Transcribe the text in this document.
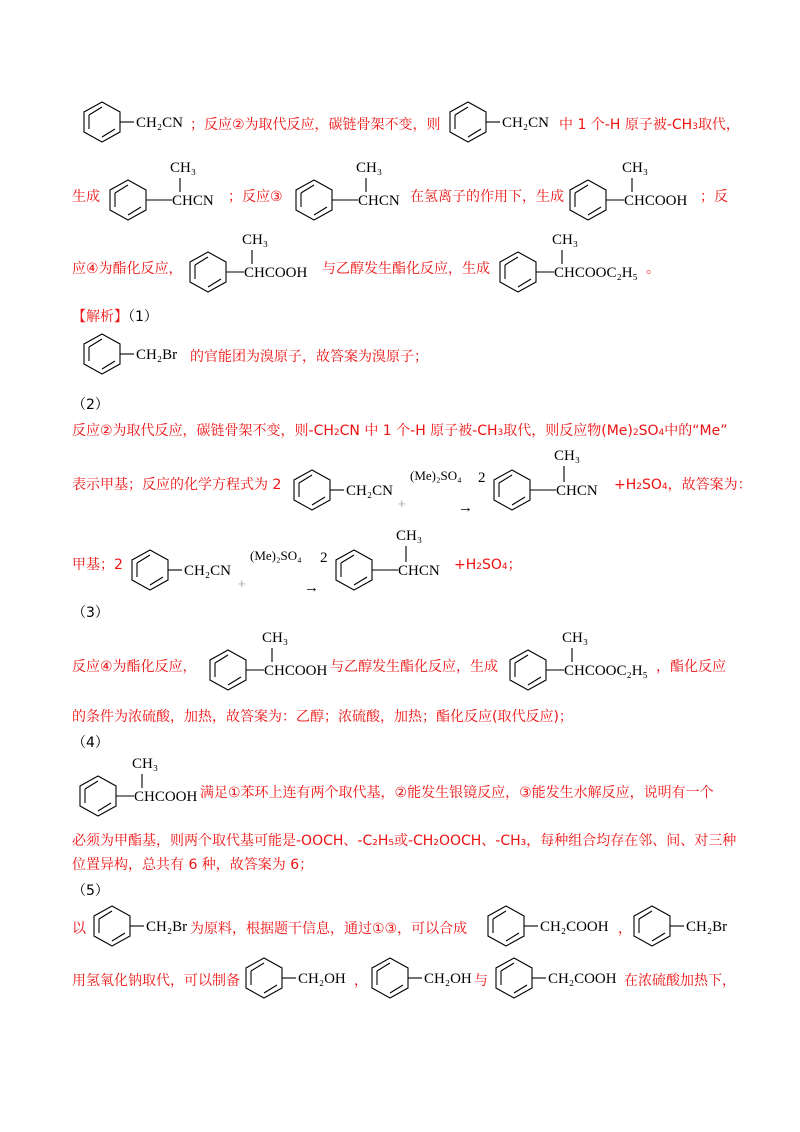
CH₂CN ；反应②为取代反应，碳链骨架不变，则	CH₂CN 中 1 个-H 原子被-CH3取代，
生成
CH₃
CHCN ；反应③
CH₃
CHCN 在氢离子的作用下，生成
CH₃
CHCOOH ；反
应④为酯化反应，
CH₃
CHCOOH 与乙醇发生酯化反应，生成
CH₃
CHCOOC₂H₅ 。
【解析】（1）
CH₂Br 的官能团为溴原子，故答案为溴原子；
（2）
反应②为取代反应，碳链骨架不变，则-CH2CN 中 1 个-H 原子被-CH3取代，则反应物(Me)2SO4中的“Me”
表示甲基；反应的化学方程式为 2	CH₂CN
+
(Me)₂SO₄ 2
→
CH₃
CHCN +H2SO4，故答案为：
甲基；2	CH₂CN
+
(Me)₂SO₄ 2
→
CH₃
CHCN +H2SO4；
（3）
反应④为酯化反应，
CH₃
CHCOOH 与乙醇发生酯化反应，生成
CH₃
CHCOOC₂H₅ ，酯化反应
的条件为浓硫酸，加热，故答案为：乙醇；浓硫酸，加热；酯化反应(取代反应)；
（4）
CH₃
CHCOOH 满足①苯环上连有两个取代基，②能发生银镜反应，③能发生水解反应，说明有一个
必须为甲酯基，则两个取代基可能是-OOCH、-C₂H₅或-CH₂OOCH、-CH₃，每种组合均存在邻、间、对三种
位置异构，总共有 6 种，故答案为 6；
（5）
以	CH₂Br 为原料，根据题干信息，通过①③，可以合成	CH₂COOH ，	CH₂Br
用氢氧化钠取代，可以制备	CH₂OH ，	CH₂OH 与	CH₂COOH 在浓硫酸加热下，
